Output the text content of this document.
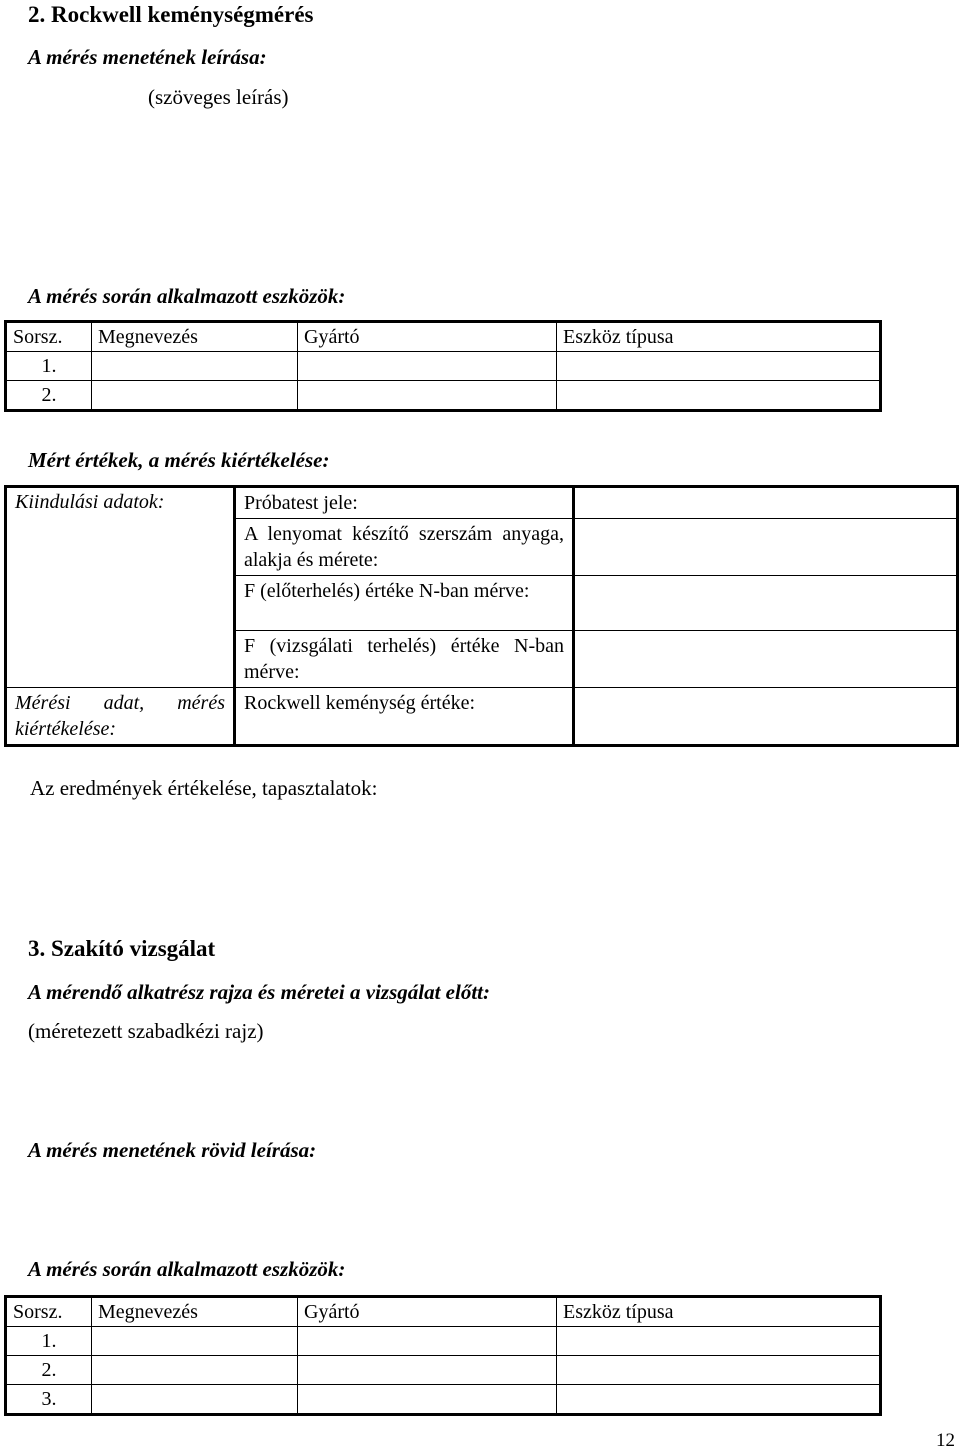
2. Rockwell keménységmérés
A mérés menetének leírása:
(szöveges leírás)
A mérés során alkalmazott eszközök:
Sorsz.	Megnevezés	Gyártó	Eszköz típusa
1.			
2.			
Mért értékek, a mérés kiértékelése:
Kiindulási adatok:	Próbatest jele:	
	A lenyomat készítő szerszám anyaga, alakja és mérete:	
	F (előterhelés) értéke N-ban mérve:	
	F (vizsgálati terhelés) értéke N-ban mérve:	
Mérési adat, mérés kiértékelése:	Rockwell keménység értéke:	
Az eredmények értékelése, tapasztalatok:
3. Szakító vizsgálat
A mérendő alkatrész rajza és méretei a vizsgálat előtt:
(méretezett szabadkézi rajz)
A mérés menetének rövid leírása:
A mérés során alkalmazott eszközök:
Sorsz.	Megnevezés	Gyártó	Eszköz típusa
1.			
2.			
3.			
12
